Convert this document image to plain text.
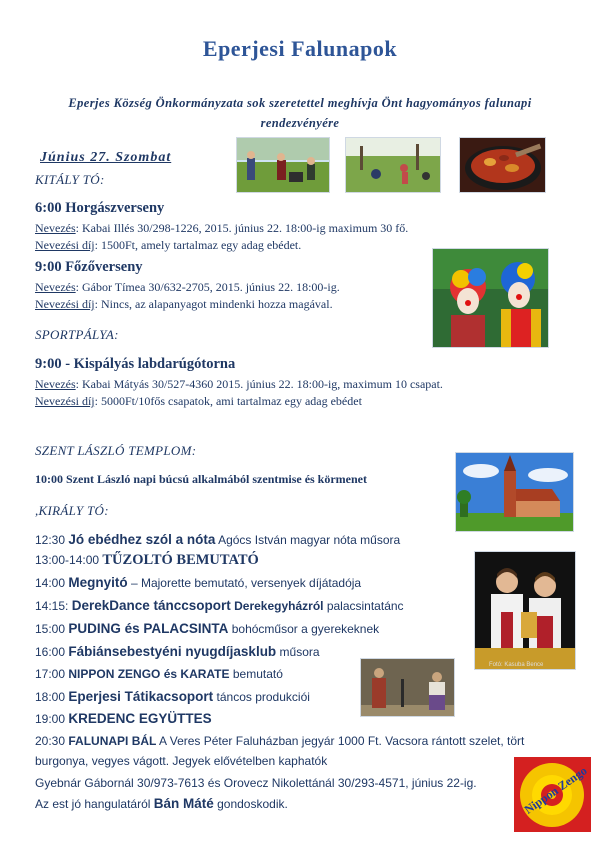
Eperjesi Falunapok
Eperjes Község Önkormányzata sok szeretettel meghívja Önt hagyományos falunapi
rendezvényére
Június 27. Szombat
KITÁLY TÓ:
6:00 Horgászverseny
Nevezés: Kabai Illés 30/298-1226, 2015. június 22. 18:00-ig maximum 30 fő.
Nevezési díj: 1500Ft, amely tartalmaz egy adag ebédet.
9:00 Főzőverseny
Nevezés: Gábor Tímea 30/632-2705, 2015. június 22. 18:00-ig.
Nevezési díj: Nincs, az alapanyagot mindenki hozza magával.
SPORTPÁLYA:
9:00 - Kispályás labdarúgótorna
Nevezés: Kabai Mátyás 30/527-4360 2015. június 22. 18:00-ig, maximum 10 csapat.
Nevezési díj: 5000Ft/10fős csapatok, ami tartalmaz egy adag ebédet
SZENT LÁSZLÓ TEMPLOM:
10:00 Szent László napi búcsú alkalmából szentmise és körmenet
,KIRÁLY TÓ:
12:30 Jó ebédhez szól a nóta Agócs István magyar nóta műsora
13:00-14:00 TŰZOLTÓ BEMUTATÓ
14:00 Megnyitó – Majorette bemutató, versenyek díjátadója
14:15: DerekDance tánccsoport Derekegyházról palacsintatánc
15:00 PUDING és PALACSINTA bohócműsor a gyerekeknek
16:00 Fábiánsebestyéni nyugdíjasklub műsora
17:00 NIPPON ZENGO és KARATE bemutató
18:00 Eperjesi Tátikacsoport táncos produkciói
19:00 KREDENC EGYÜTTES
20:30 FALUNAPI BÁL A Veres Péter Faluházban jegyár 1000 Ft. Vacsora rántott szelet, tört
burgonya, vegyes vágott. Jegyek elővételben kaphatók
Gyebnár Gábornál 30/973-7613 és Orovecz Nikolettánál 30/293-4571, június 22-ig.
Az est jó hangulatáról Bán Máté gondoskodik.
Fotó: Kasuba Bence
Nippon Zengo
